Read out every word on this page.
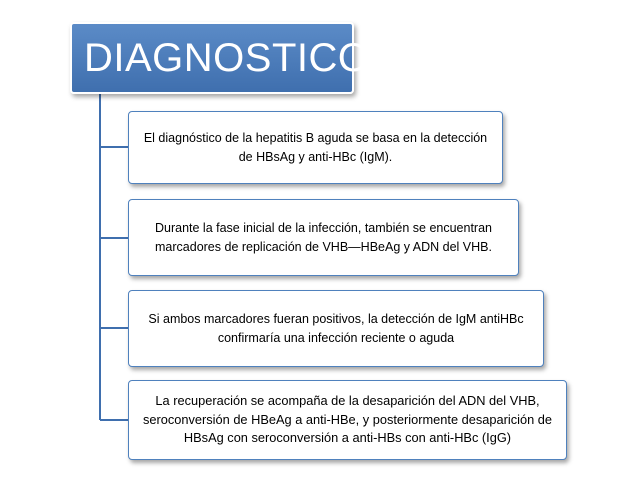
DIAGNOSTICO
El diagnóstico de la hepatitis B aguda se basa en la detección de HBsAg y anti-HBc (IgM).
Durante la fase inicial de la infección, también se encuentran marcadores de replicación de VHB—HBeAg y ADN del VHB.
Si ambos marcadores fueran positivos, la detección de IgM antiHBc confirmaría una infección reciente o aguda
La recuperación se acompaña de la desaparición del ADN del VHB, seroconversión de HBeAg a anti-HBe, y posteriormente desaparición de HBsAg con seroconversión a anti-HBs con anti-HBc (IgG)
